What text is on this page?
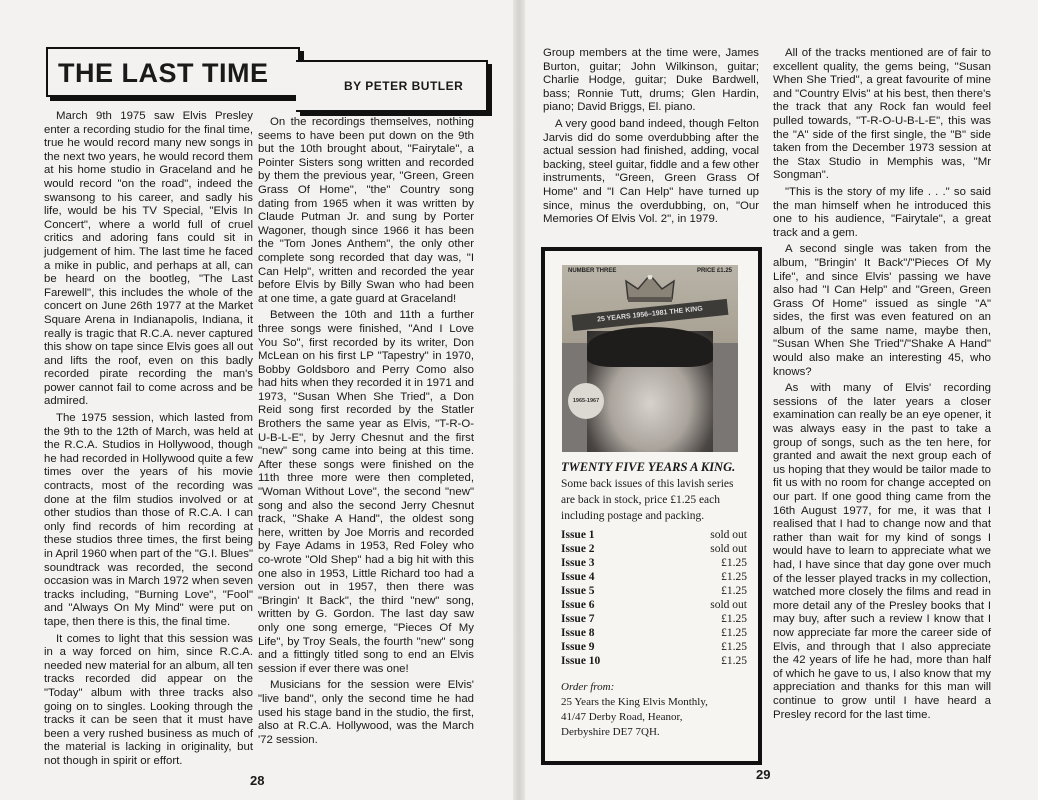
THE LAST TIME	BY PETER BUTLER

March 9th 1975 saw Elvis Presley enter a recording studio for the final time, true he would record many new songs in the next two years, he would record them at his home studio in Graceland and he would record "on the road", indeed the swansong to his career, and sadly his life, would be his TV Special, "Elvis In Concert", where a world full of cruel critics and adoring fans could sit in judgement of him. The last time he faced a mike in public, and perhaps at all, can be heard on the bootleg, "The Last Farewell", this includes the whole of the concert on June 26th 1977 at the Market Square Arena in Indianapolis, Indiana, it really is tragic that R.C.A. never captured this show on tape since Elvis goes all out and lifts the roof, even on this badly recorded pirate recording the man's power cannot fail to come across and be admired.

The 1975 session, which lasted from the 9th to the 12th of March, was held at the R.C.A. Studios in Hollywood, though he had recorded in Hollywood quite a few times over the years of his movie contracts, most of the recording was done at the film studios involved or at other studios than those of R.C.A. I can only find records of him recording at these studios three times, the first being in April 1960 when part of the "G.I. Blues" soundtrack was recorded, the second occasion was in March 1972 when seven tracks including, "Burning Love", "Fool" and "Always On My Mind" were put on tape, then there is this, the final time.

It comes to light that this session was in a way forced on him, since R.C.A. needed new material for an album, all ten tracks recorded did appear on the "Today" album with three tracks also going on to singles. Looking through the tracks it can be seen that it must have been a very rushed business as much of the material is lacking in originality, but not though in spirit or effort.

On the recordings themselves, nothing seems to have been put down on the 9th but the 10th brought about, "Fairytale", a Pointer Sisters song written and recorded by them the previous year, "Green, Green Grass Of Home", "the" Country song dating from 1965 when it was written by Claude Putman Jr. and sung by Porter Wagoner, though since 1966 it has been the "Tom Jones Anthem", the only other complete song recorded that day was, "I Can Help", written and recorded the year before Elvis by Billy Swan who had been at one time, a gate guard at Graceland!

Between the 10th and 11th a further three songs were finished, "And I Love You So", first recorded by its writer, Don McLean on his first LP "Tapestry" in 1970, Bobby Goldsboro and Perry Como also had hits when they recorded it in 1971 and 1973, "Susan When She Tried", a Don Reid song first recorded by the Statler Brothers the same year as Elvis, "T-R-O-U-B-L-E", by Jerry Chesnut and the first "new" song came into being at this time. After these songs were finished on the 11th three more were then completed, "Woman Without Love", the second "new" song and also the second Jerry Chesnut track, "Shake A Hand", the oldest song here, written by Joe Morris and recorded by Faye Adams in 1953, Red Foley who co-wrote "Old Shep" had a big hit with this one also in 1953, Little Richard too had a version out in 1957, then there was "Bringin' It Back", the third "new" song, written by G. Gordon. The last day saw only one song emerge, "Pieces Of My Life", by Troy Seals, the fourth "new" song and a fittingly titled song to end an Elvis session if ever there was one!

Musicians for the session were Elvis' "live band", only the second time he had used his stage band in the studio, the first, also at R.C.A. Hollywood, was the March '72 session.

28

Group members at the time were, James Burton, guitar; John Wilkinson, guitar; Charlie Hodge, guitar; Duke Bardwell, bass; Ronnie Tutt, drums; Glen Hardin, piano; David Briggs, El. piano.

A very good band indeed, though Felton Jarvis did do some overdubbing after the actual session had finished, adding, vocal backing, steel guitar, fiddle and a few other instruments, "Green, Green Grass Of Home" and "I Can Help" have turned up since, minus the overdubbing, on, "Our Memories Of Elvis Vol. 2", in 1979.

NUMBER THREE	PRICE £1.25
25 YEARS 1956–1981 THE KING
1965-1967
TWENTY FIVE YEARS A KING.
Some back issues of this lavish series are back in stock, price £1.25 each including postage and packing.
Issue 1	sold out
Issue 2	sold out
Issue 3	£1.25
Issue 4	£1.25
Issue 5	£1.25
Issue 6	sold out
Issue 7	£1.25
Issue 8	£1.25
Issue 9	£1.25
Issue 10	£1.25
Order from:
25 Years the King Elvis Monthly,
41/47 Derby Road, Heanor,
Derbyshire DE7 7QH.

All of the tracks mentioned are of fair to excellent quality, the gems being, "Susan When She Tried", a great favourite of mine and "Country Elvis" at his best, then there's the track that any Rock fan would feel pulled towards, "T-R-O-U-B-L-E", this was the "A" side of the first single, the "B" side taken from the December 1973 session at the Stax Studio in Memphis was, "Mr Songman".

"This is the story of my life . . ." so said the man himself when he introduced this one to his audience, "Fairytale", a great track and a gem.

A second single was taken from the album, "Bringin' It Back"/"Pieces Of My Life", and since Elvis' passing we have also had "I Can Help" and "Green, Green Grass Of Home" issued as single "A" sides, the first was even featured on an album of the same name, maybe then, "Susan When She Tried"/"Shake A Hand" would also make an interesting 45, who knows?

As with many of Elvis' recording sessions of the later years a closer examination can really be an eye opener, it was always easy in the past to take a group of songs, such as the ten here, for granted and await the next group each of us hoping that they would be tailor made to fit us with no room for change accepted on our part. If one good thing came from the 16th August 1977, for me, it was that I realised that I had to change now and that rather than wait for my kind of songs I would have to learn to appreciate what we had, I have since that day gone over much of the lesser played tracks in my collection, watched more closely the films and read in more detail any of the Presley books that I may buy, after such a review I know that I now appreciate far more the career side of Elvis, and through that I also appreciate the 42 years of life he had, more than half of which he gave to us, I also know that my appreciation and thanks for this man will continue to grow until I have heard a Presley record for the last time.

29
